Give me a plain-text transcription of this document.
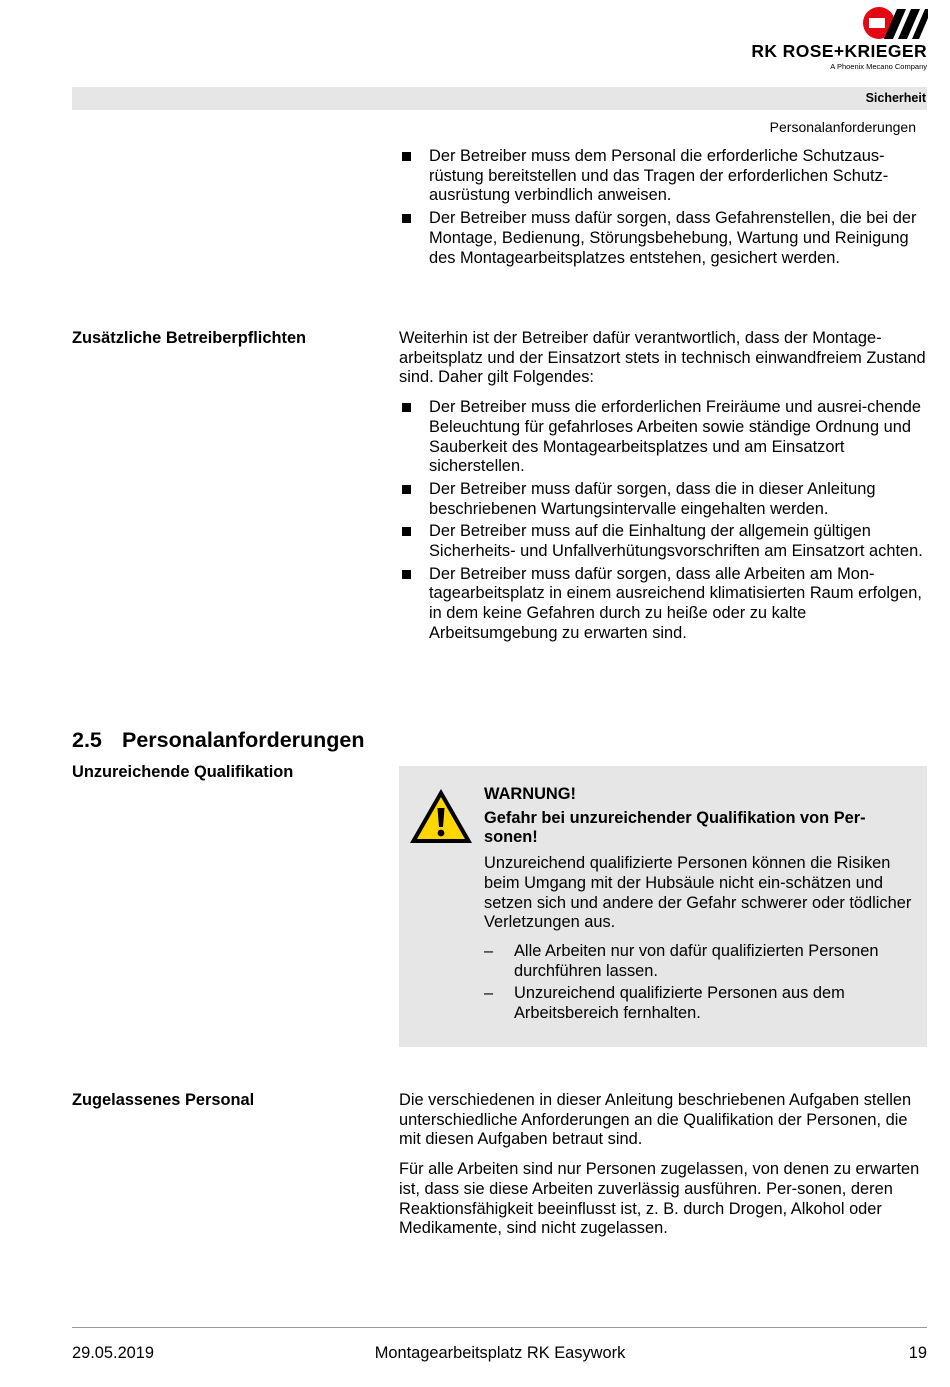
RK ROSE+KRIEGER
A Phoenix Mecano Company
Sicherheit
Personalanforderungen
Der Betreiber muss dem Personal die erforderliche Schutzaus-rüstung bereitstellen und das Tragen der erforderlichen Schutz-ausrüstung verbindlich anweisen.
Der Betreiber muss dafür sorgen, dass Gefahrenstellen, die bei der Montage, Bedienung, Störungsbehebung, Wartung und Reinigung des Montagearbeitsplatzes entstehen, gesichert werden.
Zusätzliche Betreiberpflichten	Weiterhin ist der Betreiber dafür verantwortlich, dass der Montage-arbeitsplatz und der Einsatzort stets in technisch einwandfreiem Zustand sind. Daher gilt Folgendes:

Der Betreiber muss die erforderlichen Freiräume und ausrei-chende Beleuchtung für gefahrloses Arbeiten sowie ständige Ordnung und Sauberkeit des Montagearbeitsplatzes und am Einsatzort sicherstellen.
Der Betreiber muss dafür sorgen, dass die in dieser Anleitung beschriebenen Wartungsintervalle eingehalten werden.
Der Betreiber muss auf die Einhaltung der allgemein gültigen Sicherheits- und Unfallverhütungsvorschriften am Einsatzort achten.
Der Betreiber muss dafür sorgen, dass alle Arbeiten am Mon-tagearbeitsplatz in einem ausreichend klimatisierten Raum erfolgen, in dem keine Gefahren durch zu heiße oder zu kalte Arbeitsumgebung zu erwarten sind.
2.5 Personalanforderungen
Unzureichende Qualifikation
WARNUNG!
Gefahr bei unzureichender Qualifikation von Per-sonen!

Unzureichend qualifizierte Personen können die Risiken beim Umgang mit der Hubsäule nicht ein-schätzen und setzen sich und andere der Gefahr schwerer oder tödlicher Verletzungen aus.

– Alle Arbeiten nur von dafür qualifizierten Personen durchführen lassen.
– Unzureichend qualifizierte Personen aus dem Arbeitsbereich fernhalten.
Zugelassenes Personal	Die verschiedenen in dieser Anleitung beschriebenen Aufgaben stellen unterschiedliche Anforderungen an die Qualifikation der Personen, die mit diesen Aufgaben betraut sind.

Für alle Arbeiten sind nur Personen zugelassen, von denen zu erwarten ist, dass sie diese Arbeiten zuverlässig ausführen. Per-sonen, deren Reaktionsfähigkeit beeinflusst ist, z. B. durch Drogen, Alkohol oder Medikamente, sind nicht zugelassen.

29.05.2019	Montagearbeitsplatz RK Easywork	19
